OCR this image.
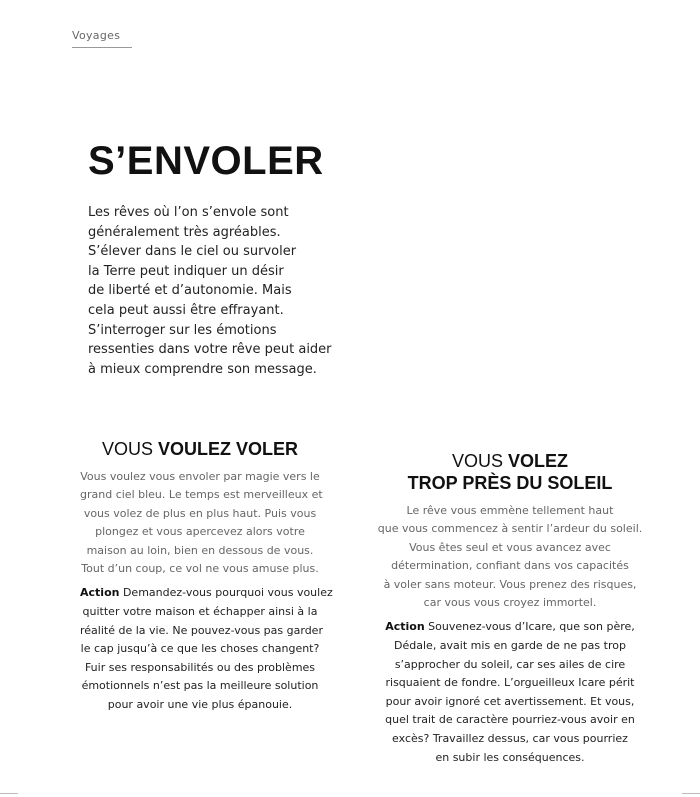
Voyages
S’ENVOLER
Les rêves où l’on s’envole sont
généralement très agréables.
S’élever dans le ciel ou survoler
la Terre peut indiquer un désir
de liberté et d’autonomie. Mais
cela peut aussi être effrayant.
S’interroger sur les émotions
ressenties dans votre rêve peut aider
à mieux comprendre son message.
VOUS VOULEZ VOLER
Vous voulez vous envoler par magie vers le
grand ciel bleu. Le temps est merveilleux et
vous volez de plus en plus haut. Puis vous
plongez et vous apercevez alors votre
maison au loin, bien en dessous de vous.
Tout d’un coup, ce vol ne vous amuse plus.
Action Demandez-vous pourquoi vous voulez
quitter votre maison et échapper ainsi à la
réalité de la vie. Ne pouvez-vous pas garder
le cap jusqu’à ce que les choses changent?
Fuir ses responsabilités ou des problèmes
émotionnels n’est pas la meilleure solution
pour avoir une vie plus épanouie.
VOUS VOLEZ
TROP PRÈS DU SOLEIL
Le rêve vous emmène tellement haut
que vous commencez à sentir l’ardeur du soleil.
Vous êtes seul et vous avancez avec
détermination, confiant dans vos capacités
à voler sans moteur. Vous prenez des risques,
car vous vous croyez immortel.
Action Souvenez-vous d’Icare, que son père,
Dédale, avait mis en garde de ne pas trop
s’approcher du soleil, car ses ailes de cire
risquaient de fondre. L’orgueilleux Icare périt
pour avoir ignoré cet avertissement. Et vous,
quel trait de caractère pourriez-vous avoir en
excès? Travaillez dessus, car vous pourriez
en subir les conséquences.
